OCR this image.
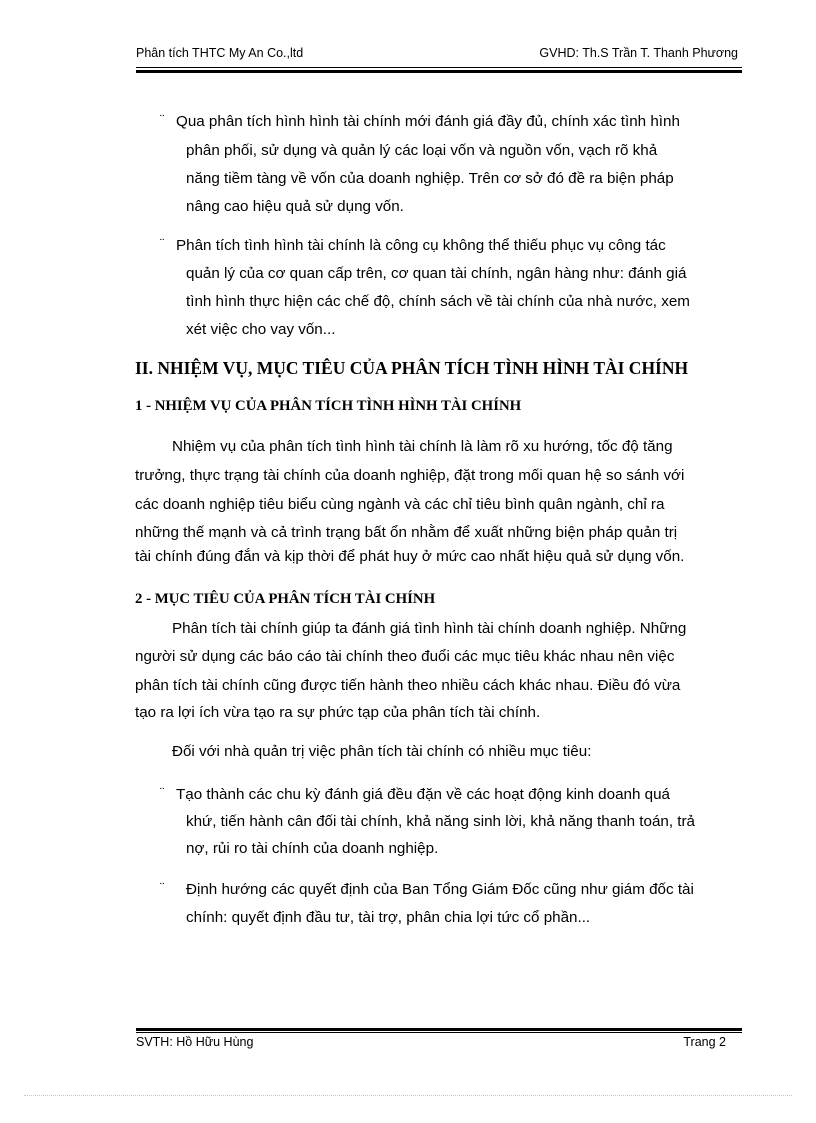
Phân tích THTC My An Co.,ltd	GVHD: Th.S Trần T. Thanh Phương
¨ Qua phân tích hình hình tài chính mới đánh giá đầy đủ, chính xác tình hình
phân phối, sử dụng và quản lý các loại vốn và nguồn vốn, vạch rõ khả
năng tiềm tàng về vốn của doanh nghiệp. Trên cơ sở đó đề ra biện pháp
nâng cao hiệu quả sử dụng vốn.
¨ Phân tích tình hình tài chính là công cụ không thể thiếu phục vụ công tác
quản lý của cơ quan cấp trên, cơ quan tài chính, ngân hàng như: đánh giá
tình hình thực hiện các chế độ, chính sách về tài chính của nhà nước, xem
xét việc cho vay vốn...
II. NHIỆM VỤ, MỤC TIÊU CỦA PHÂN TÍCH TÌNH HÌNH TÀI CHÍNH
1 - NHIỆM VỤ CỦA PHÂN TÍCH TÌNH HÌNH TÀI CHÍNH
Nhiệm vụ của phân tích tình hình tài chính là làm rõ xu hướng, tốc độ tăng
trưởng, thực trạng tài chính của doanh nghiệp, đặt trong mối quan hệ so sánh với
các doanh nghiệp tiêu biểu cùng ngành và các chỉ tiêu bình quân ngành, chỉ ra
những thế mạnh và cả trình trạng bất ổn nhằm để xuất những biện pháp quản trị
tài chính đúng đắn và kịp thời để phát huy ở mức cao nhất hiệu quả sử dụng vốn.
2 - MỤC TIÊU CỦA PHÂN TÍCH TÀI CHÍNH
Phân tích tài chính giúp ta đánh giá tình hình tài chính doanh nghiệp. Những
người sử dụng các báo cáo tài chính theo đuổi các mục tiêu khác nhau nên việc
phân tích tài chính cũng được tiến hành theo nhiều cách khác nhau. Điều đó vừa
tạo ra lợi ích vừa tạo ra sự phức tạp của phân tích tài chính.
Đối với nhà quản trị việc phân tích tài chính có nhiều mục tiêu:
¨ Tạo thành các chu kỳ đánh giá đều đặn về các hoạt động kinh doanh quá
khứ, tiến hành cân đối tài chính, khả năng sinh lời, khả năng thanh toán, trả
nợ, rủi ro tài chính của doanh nghiệp.
¨ Định hướng các quyết định của Ban Tổng Giám Đốc cũng như giám đốc tài
chính: quyết định đầu tư, tài trợ, phân chia lợi tức cổ phần...
SVTH: Hồ Hữu Hùng	Trang 2
